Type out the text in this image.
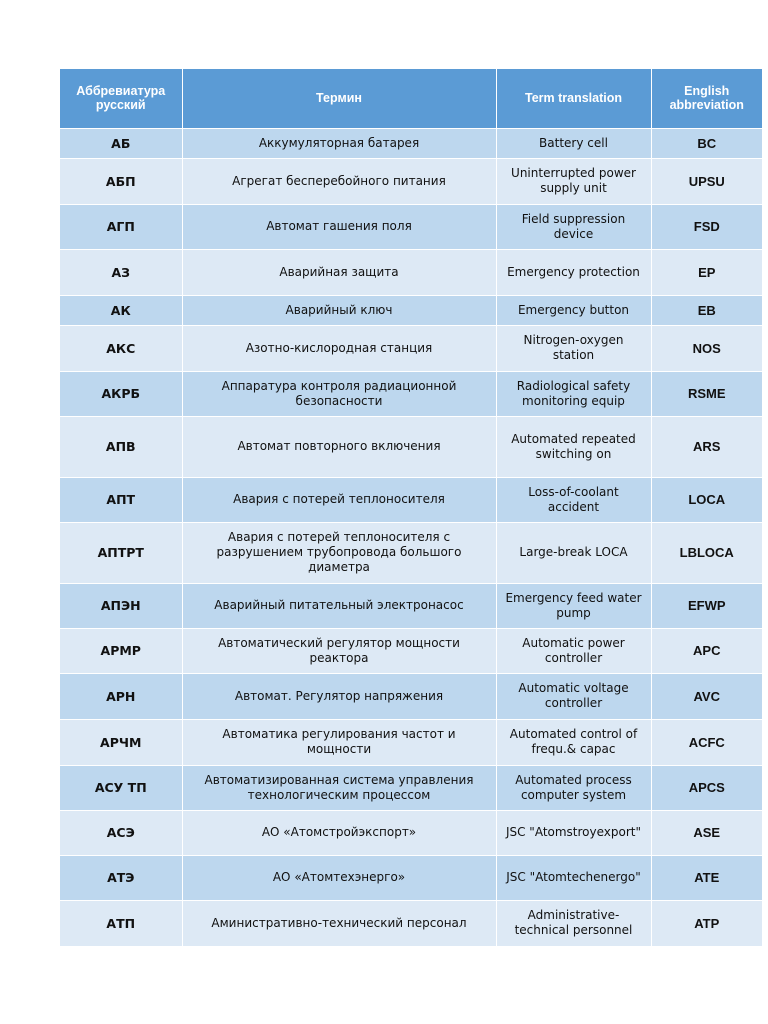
Аббревиатура русский	Термин	Term translation	English abbreviation
АБ	Аккумуляторная батарея	Battery cell	BC
АБП	Агрегат бесперебойного питания	Uninterrupted power supply unit	UPSU
АГП	Автомат гашения поля	Field suppression device	FSD
АЗ	Аварийная защита	Emergency protection	EP
АК	Аварийный ключ	Emergency button	EB
АКС	Азотно-кислородная станция	Nitrogen-oxygen station	NOS
АКРБ	Аппаратура контроля радиационной безопасности	Radiological safety monitoring equip	RSME
АПВ	Автомат повторного включения	Automated repeated switching on	ARS
АПТ	Авария с потерей теплоносителя	Loss-of-coolant accident	LOCA
АПТРТ	Авария с потерей теплоносителя с разрушением трубопровода большого диаметра	Large-break LOCA	LBLOCA
АПЭН	Аварийный питательный электронасос	Emergency feed water pump	EFWP
АРМР	Автоматический регулятор мощности реактора	Automatic power controller	APC
АРН	Автомат. Регулятор напряжения	Automatic voltage controller	AVC
АРЧМ	Автоматика регулирования частот и мощности	Automated control of frequ.& capac	ACFC
АСУ ТП	Автоматизированная система управления технологическим процессом	Automated process computer system	APCS
АСЭ	АО «Атомстройэкспорт»	JSC "Atomstroyexport"	ASE
АТЭ	АО «Атомтехэнерго»	JSC "Atomtechenergo"	ATE
АТП	Аминистративно-технический персонал	Administrative-technical personnel	ATP
